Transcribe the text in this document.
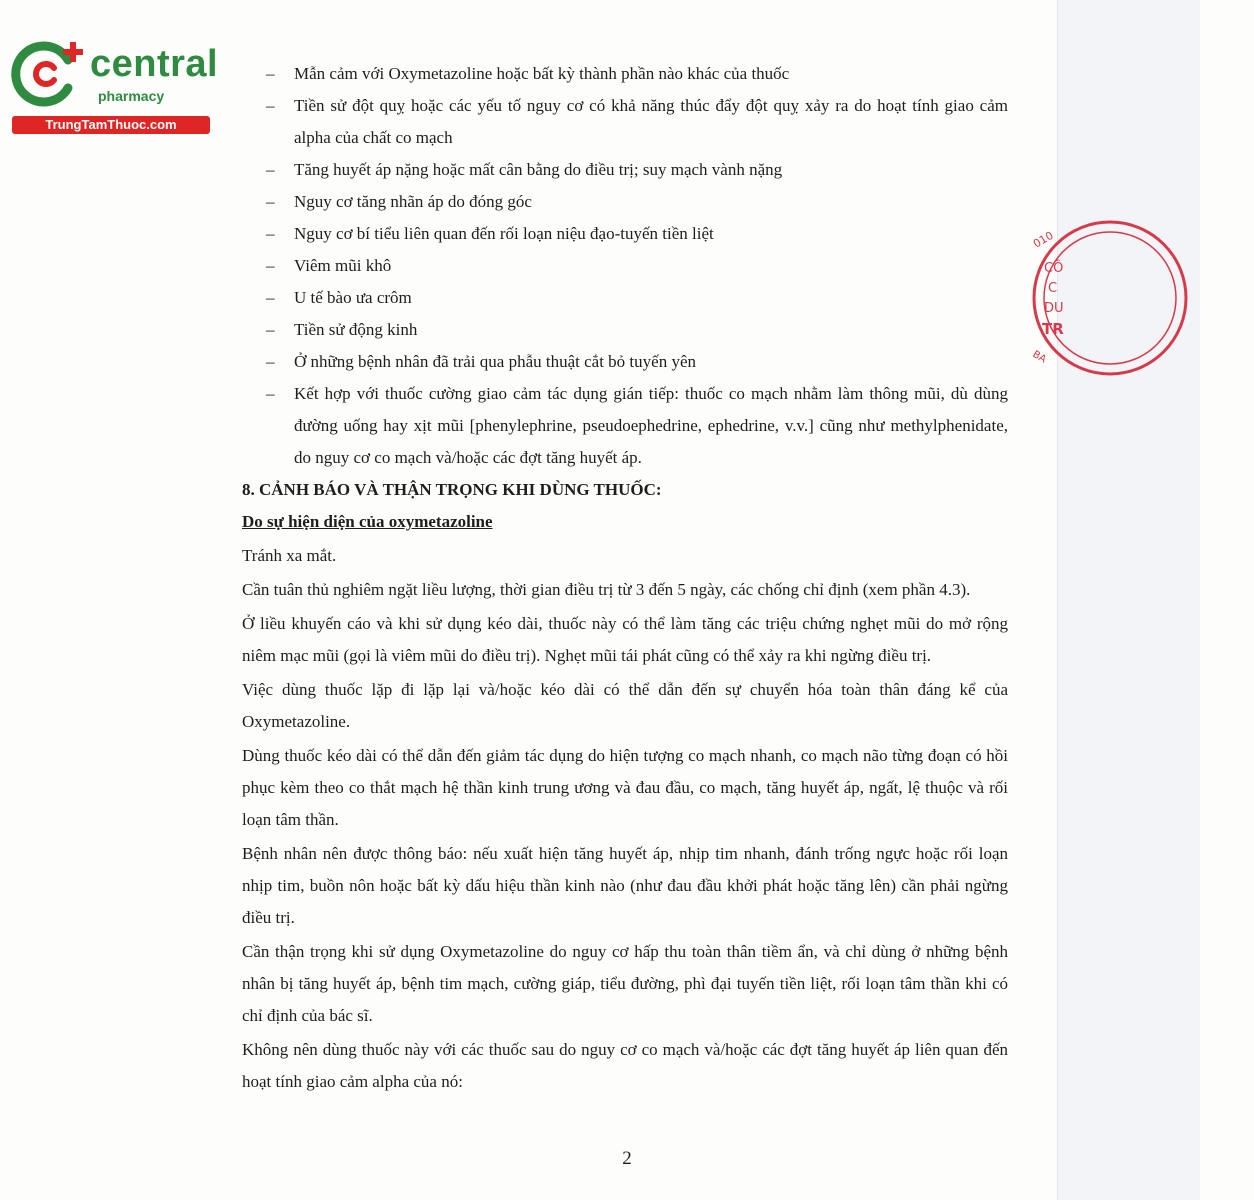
central
pharmacy
TrungTamThuoc.com
010
CÔ
C
DU
TR
BA
– Mẫn cảm với Oxymetazoline hoặc bất kỳ thành phần nào khác của thuốc
– Tiền sử đột quỵ hoặc các yếu tố nguy cơ có khả năng thúc đẩy đột quỵ xảy ra do hoạt tính giao cảm alpha của chất co mạch
– Tăng huyết áp nặng hoặc mất cân bằng do điều trị; suy mạch vành nặng
– Nguy cơ tăng nhãn áp do đóng góc
– Nguy cơ bí tiểu liên quan đến rối loạn niệu đạo-tuyến tiền liệt
– Viêm mũi khô
– U tế bào ưa crôm
– Tiền sử động kinh
– Ở những bệnh nhân đã trải qua phẫu thuật cắt bỏ tuyến yên
– Kết hợp với thuốc cường giao cảm tác dụng gián tiếp: thuốc co mạch nhằm làm thông mũi, dù dùng đường uống hay xịt mũi [phenylephrine, pseudoephedrine, ephedrine, v.v.] cũng như methylphenidate, do nguy cơ co mạch và/hoặc các đợt tăng huyết áp.

8. CẢNH BÁO VÀ THẬN TRỌNG KHI DÙNG THUỐC:

Do sự hiện diện của oxymetazoline

Tránh xa mắt.

Cần tuân thủ nghiêm ngặt liều lượng, thời gian điều trị từ 3 đến 5 ngày, các chống chỉ định (xem phần 4.3).

Ở liều khuyến cáo và khi sử dụng kéo dài, thuốc này có thể làm tăng các triệu chứng nghẹt mũi do mở rộng niêm mạc mũi (gọi là viêm mũi do điều trị). Nghẹt mũi tái phát cũng có thể xảy ra khi ngừng điều trị.

Việc dùng thuốc lặp đi lặp lại và/hoặc kéo dài có thể dẫn đến sự chuyển hóa toàn thân đáng kể của Oxymetazoline.

Dùng thuốc kéo dài có thể dẫn đến giảm tác dụng do hiện tượng co mạch nhanh, co mạch não từng đoạn có hồi phục kèm theo co thắt mạch hệ thần kinh trung ương và đau đầu, co mạch, tăng huyết áp, ngất, lệ thuộc và rối loạn tâm thần.

Bệnh nhân nên được thông báo: nếu xuất hiện tăng huyết áp, nhịp tim nhanh, đánh trống ngực hoặc rối loạn nhịp tim, buồn nôn hoặc bất kỳ dấu hiệu thần kinh nào (như đau đầu khởi phát hoặc tăng lên) cần phải ngừng điều trị.

Cần thận trọng khi sử dụng Oxymetazoline do nguy cơ hấp thu toàn thân tiềm ẩn, và chỉ dùng ở những bệnh nhân bị tăng huyết áp, bệnh tim mạch, cường giáp, tiểu đường, phì đại tuyến tiền liệt, rối loạn tâm thần khi có chỉ định của bác sĩ.

Không nên dùng thuốc này với các thuốc sau do nguy cơ co mạch và/hoặc các đợt tăng huyết áp liên quan đến hoạt tính giao cảm alpha của nó:

2
